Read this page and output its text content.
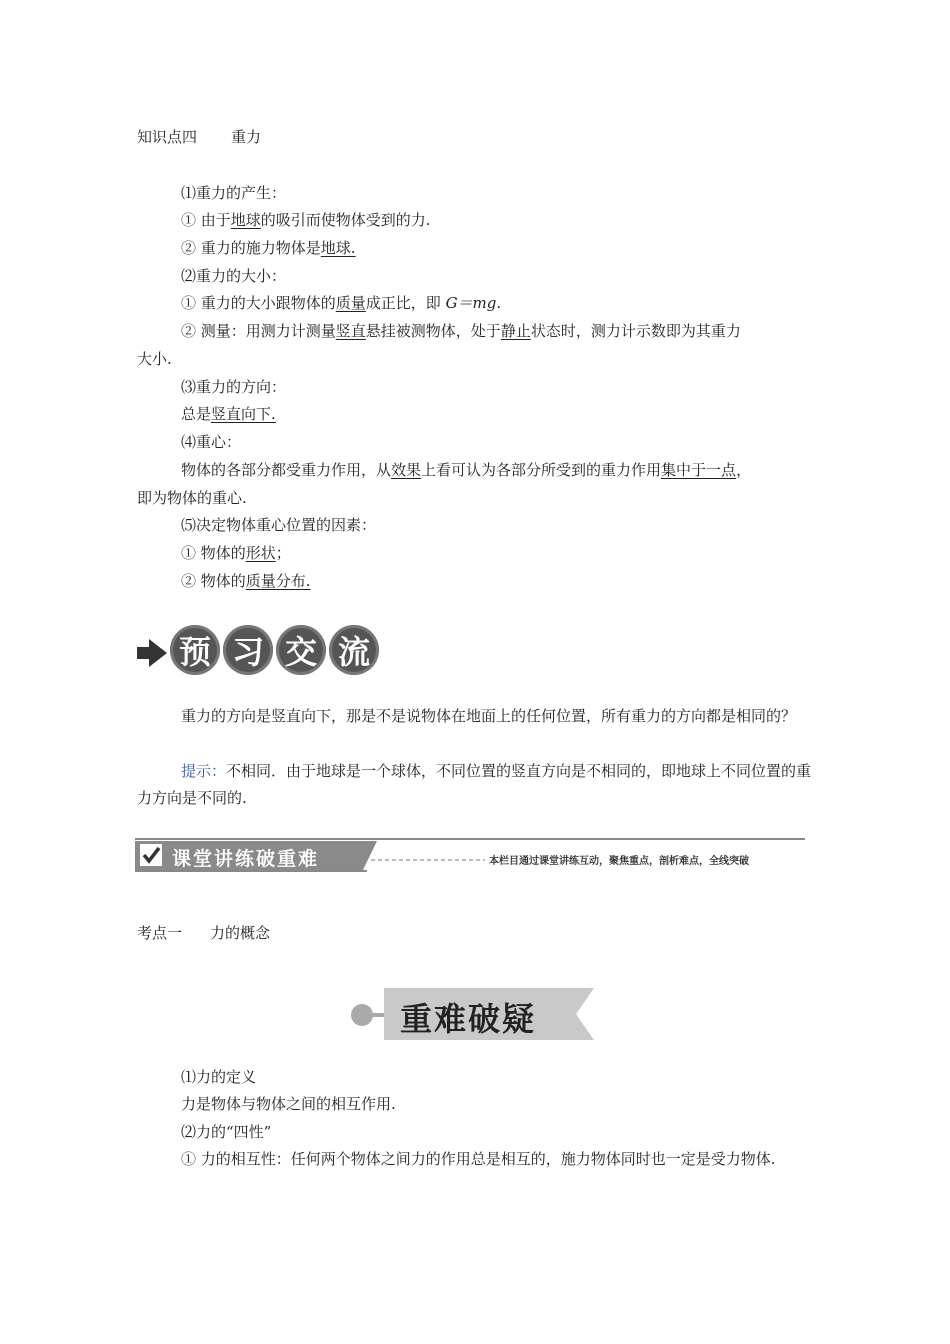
知识点四 重力
⑴重力的产生：
① 由于地球的吸引而使物体受到的力.
② 重力的施力物体是地球.
⑵重力的大小：
① 重力的大小跟物体的质量成正比，即 G＝mg.
② 测量：用测力计测量竖直悬挂被测物体，处于静止状态时，测力计示数即为其重力
大小.
⑶重力的方向：
总是竖直向下.
⑷重心：
物体的各部分都受重力作用，从效果上看可认为各部分所受到的重力作用集中于一点，
即为物体的重心.
⑸决定物体重心位置的因素：
① 物体的形状；
② 物体的质量分布.
预 习 交 流
重力的方向是竖直向下，那是不是说物体在地面上的任何位置，所有重力的方向都是相同的？
提示：不相同．由于地球是一个球体，不同位置的竖直方向是不相同的，即地球上不同位置的重力方向是不同的.
课堂讲练破重难	本栏目通过课堂讲练互动，聚焦重点，剖析难点，全线突破
考点一 力的概念
重难破疑
⑴力的定义
力是物体与物体之间的相互作用.
⑵力的“四性”
① 力的相互性：任何两个物体之间力的作用总是相互的，施力物体同时也一定是受力物体.
